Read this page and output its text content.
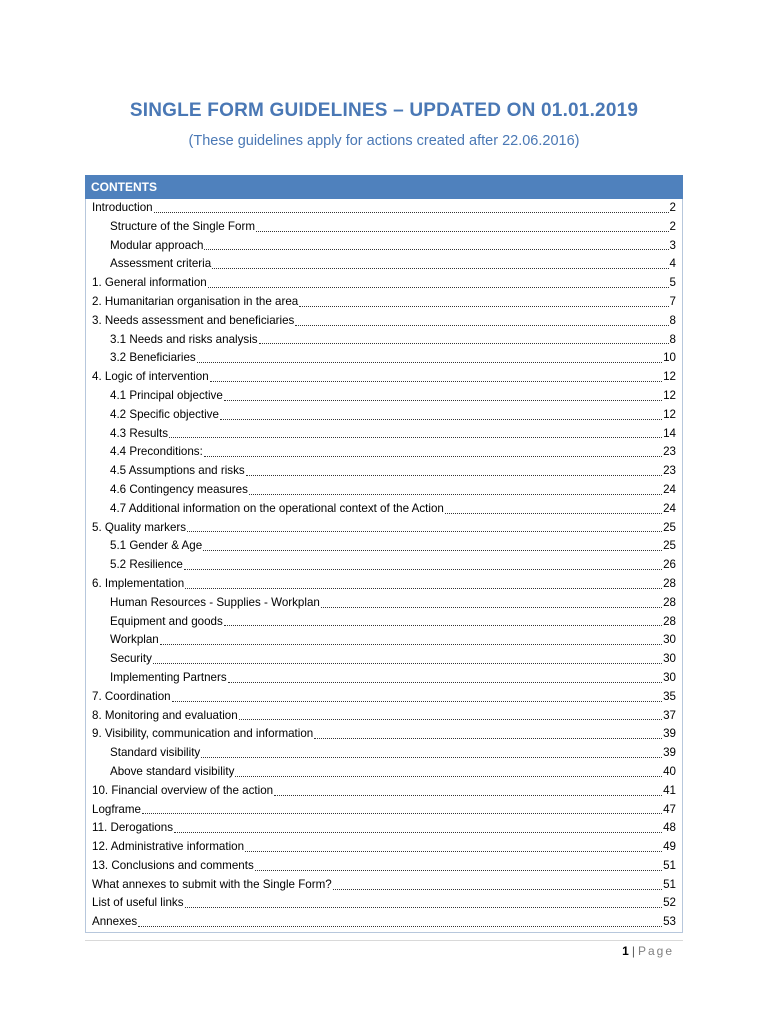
SINGLE FORM GUIDELINES – UPDATED ON 01.01.2019
(These guidelines apply for actions created after 22.06.2016)
CONTENTS
Introduction	2
Structure of the Single Form	2
Modular approach	3
Assessment criteria	4
1. General information	5
2. Humanitarian organisation in the area	7
3. Needs assessment and beneficiaries	8
3.1 Needs and risks analysis	8
3.2 Beneficiaries	10
4. Logic of intervention	12
4.1 Principal objective	12
4.2 Specific objective	12
4.3 Results	14
4.4 Preconditions:	23
4.5 Assumptions and risks	23
4.6 Contingency measures	24
4.7 Additional information on the operational context of the Action	24
5. Quality markers	25
5.1 Gender & Age	25
5.2 Resilience	26
6. Implementation	28
Human Resources - Supplies - Workplan	28
Equipment and goods	28
Workplan	30
Security	30
Implementing Partners	30
7. Coordination	35
8. Monitoring and evaluation	37
9. Visibility, communication and information	39
Standard visibility	39
Above standard visibility	40
10. Financial overview of the action	41
Logframe	47
11. Derogations	48
12. Administrative information	49
13. Conclusions and comments	51
What annexes to submit with the Single Form?	51
List of useful links	52
Annexes	53
1 | Page
